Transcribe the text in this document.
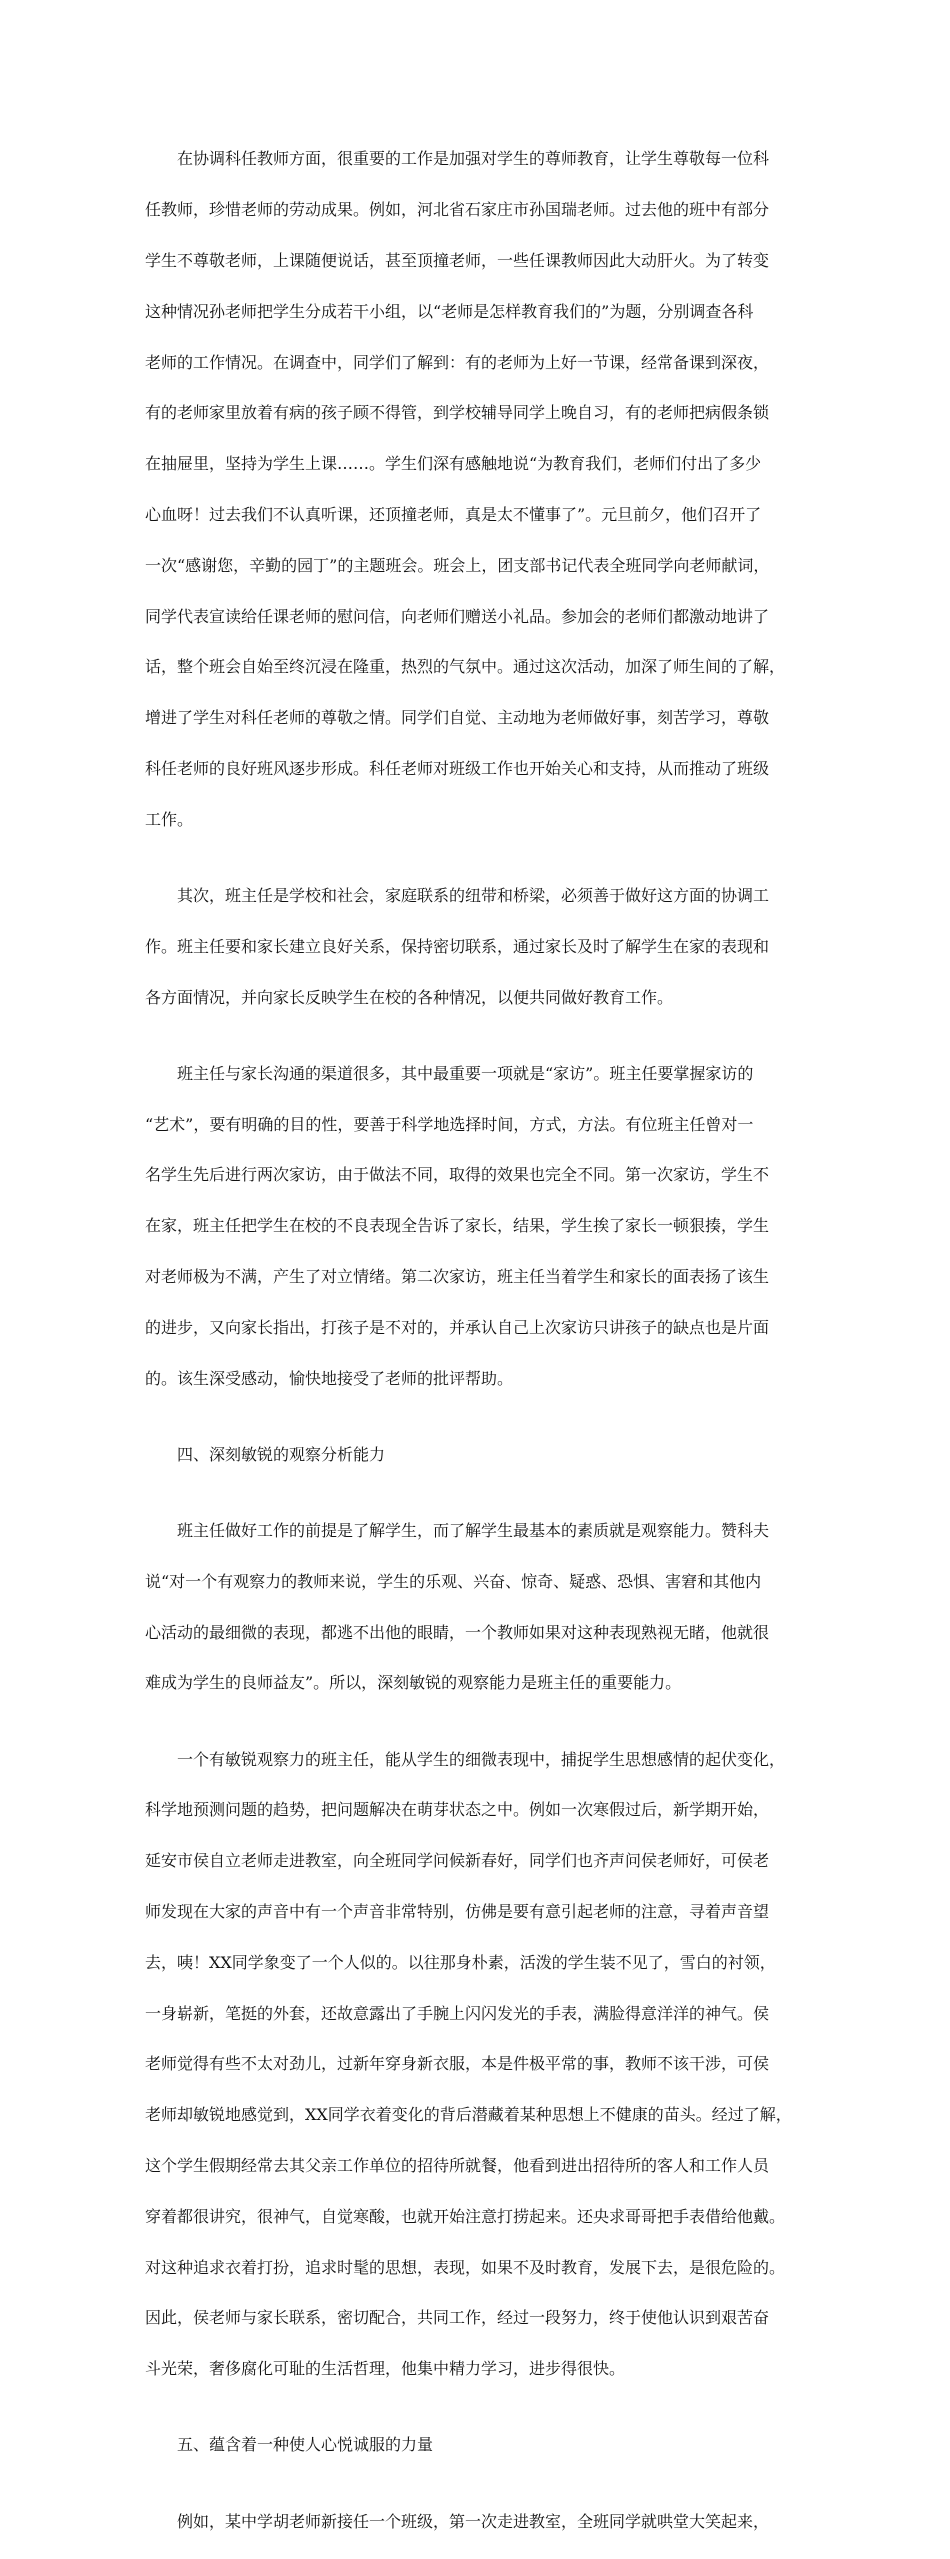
　　在协调科任教师方面，很重要的工作是加强对学生的尊师教育，让学生尊敬每一位科

任教师，珍惜老师的劳动成果。例如，河北省石家庄市孙国瑞老师。过去他的班中有部分

学生不尊敬老师，上课随便说话，甚至顶撞老师，一些任课教师因此大动肝火。为了转变

这种情况孙老师把学生分成若干小组，以“老师是怎样教育我们的”为题，分别调查各科

老师的工作情况。在调查中，同学们了解到：有的老师为上好一节课，经常备课到深夜，

有的老师家里放着有病的孩子顾不得管，到学校辅导同学上晚自习，有的老师把病假条锁

在抽屉里，坚持为学生上课……。学生们深有感触地说“为教育我们，老师们付出了多少

心血呀！过去我们不认真听课，还顶撞老师，真是太不懂事了”。元旦前夕，他们召开了

一次“感谢您，辛勤的园丁”的主题班会。班会上，团支部书记代表全班同学向老师献词，

同学代表宣读给任课老师的慰问信，向老师们赠送小礼品。参加会的老师们都激动地讲了

话，整个班会自始至终沉浸在隆重，热烈的气氛中。通过这次活动，加深了师生间的了解，

增进了学生对科任老师的尊敬之情。同学们自觉、主动地为老师做好事，刻苦学习，尊敬

科任老师的良好班风逐步形成。科任老师对班级工作也开始关心和支持，从而推动了班级

工作。

　　其次，班主任是学校和社会，家庭联系的纽带和桥梁，必须善于做好这方面的协调工

作。班主任要和家长建立良好关系，保持密切联系，通过家长及时了解学生在家的表现和

各方面情况，并向家长反映学生在校的各种情况，以便共同做好教育工作。

　　班主任与家长沟通的渠道很多，其中最重要一项就是“家访”。班主任要掌握家访的

“艺术”，要有明确的目的性，要善于科学地选择时间，方式，方法。有位班主任曾对一

名学生先后进行两次家访，由于做法不同，取得的效果也完全不同。第一次家访，学生不

在家，班主任把学生在校的不良表现全告诉了家长，结果，学生挨了家长一顿狠揍，学生

对老师极为不满，产生了对立情绪。第二次家访，班主任当着学生和家长的面表扬了该生

的进步，又向家长指出，打孩子是不对的，并承认自己上次家访只讲孩子的缺点也是片面

的。该生深受感动，愉快地接受了老师的批评帮助。

　　四、深刻敏锐的观察分析能力

　　班主任做好工作的前提是了解学生，而了解学生最基本的素质就是观察能力。赞科夫

说“对一个有观察力的教师来说，学生的乐观、兴奋、惊奇、疑惑、恐惧、害窘和其他内

心活动的最细微的表现，都逃不出他的眼睛，一个教师如果对这种表现熟视无睹，他就很

难成为学生的良师益友”。所以，深刻敏锐的观察能力是班主任的重要能力。

　　一个有敏锐观察力的班主任，能从学生的细微表现中，捕捉学生思想感情的起伏变化，

科学地预测问题的趋势，把问题解决在萌芽状态之中。例如一次寒假过后，新学期开始，

延安市侯自立老师走进教室，向全班同学问候新春好，同学们也齐声问侯老师好，可侯老

师发现在大家的声音中有一个声音非常特别，仿佛是要有意引起老师的注意，寻着声音望

去，咦！XX同学象变了一个人似的。以往那身朴素，活泼的学生装不见了，雪白的衬领，

一身崭新，笔挺的外套，还故意露出了手腕上闪闪发光的手表，满脸得意洋洋的神气。侯

老师觉得有些不太对劲儿，过新年穿身新衣服，本是件极平常的事，教师不该干涉，可侯

老师却敏锐地感觉到，XX同学衣着变化的背后潜藏着某种思想上不健康的苗头。经过了解，

这个学生假期经常去其父亲工作单位的招待所就餐，他看到进出招待所的客人和工作人员

穿着都很讲究，很神气，自觉寒酸，也就开始注意打捞起来。还央求哥哥把手表借给他戴。

对这种追求衣着打扮，追求时髦的思想，表现，如果不及时教育，发展下去，是很危险的。

因此，侯老师与家长联系，密切配合，共同工作，经过一段努力，终于使他认识到艰苦奋

斗光荣，奢侈腐化可耻的生活哲理，他集中精力学习，进步得很快。

　　五、蕴含着一种使人心悦诚服的力量

　　例如，某中学胡老师新接任一个班级，第一次走进教室，全班同学就哄堂大笑起来，
